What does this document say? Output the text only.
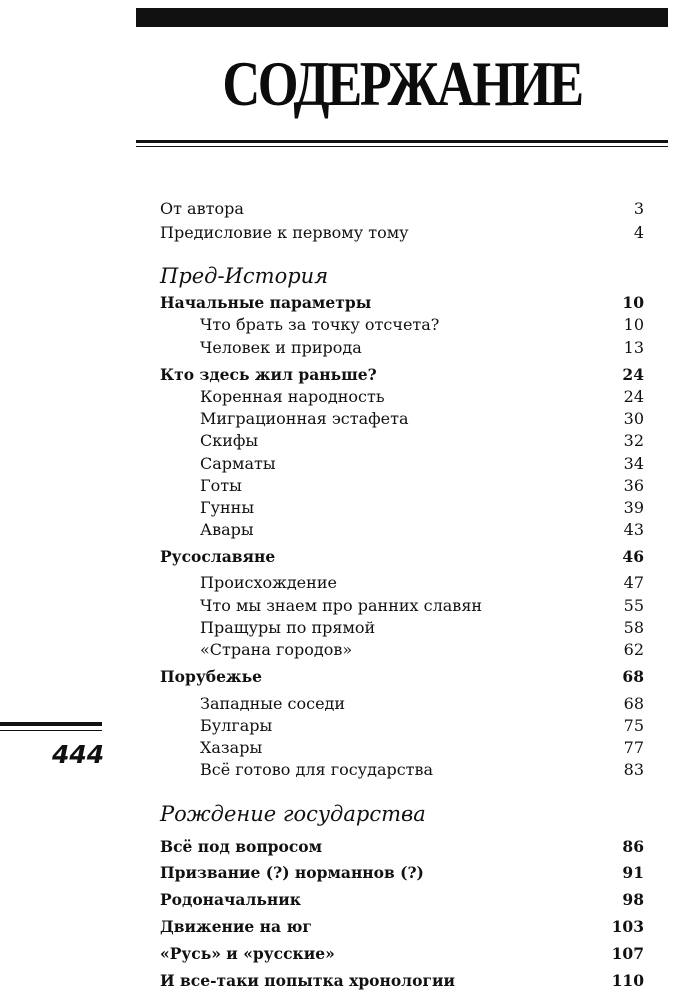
СОДЕРЖАНИЕ
444
От автора	3
Предисловие к первому тому	4
Пред-История
Начальные параметры	10
Что брать за точку отсчета?	10
Человек и природа	13
Кто здесь жил раньше?	24
Коренная народность	24
Миграционная эстафета	30
Скифы	32
Сарматы	34
Готы	36
Гунны	39
Авары	43
Русославяне	46
Происхождение	47
Что мы знаем про ранних славян	55
Пращуры по прямой	58
«Страна городов»	62
Порубежье	68
Западные соседи	68
Булгары	75
Хазары	77
Всё готово для государства	83
Рождение государства
Всё под вопросом	86
Призвание (?) норманнов (?)	91
Родоначальник	98
Движение на юг	103
«Русь» и «русские»	107
И все-таки попытка хронологии	110
